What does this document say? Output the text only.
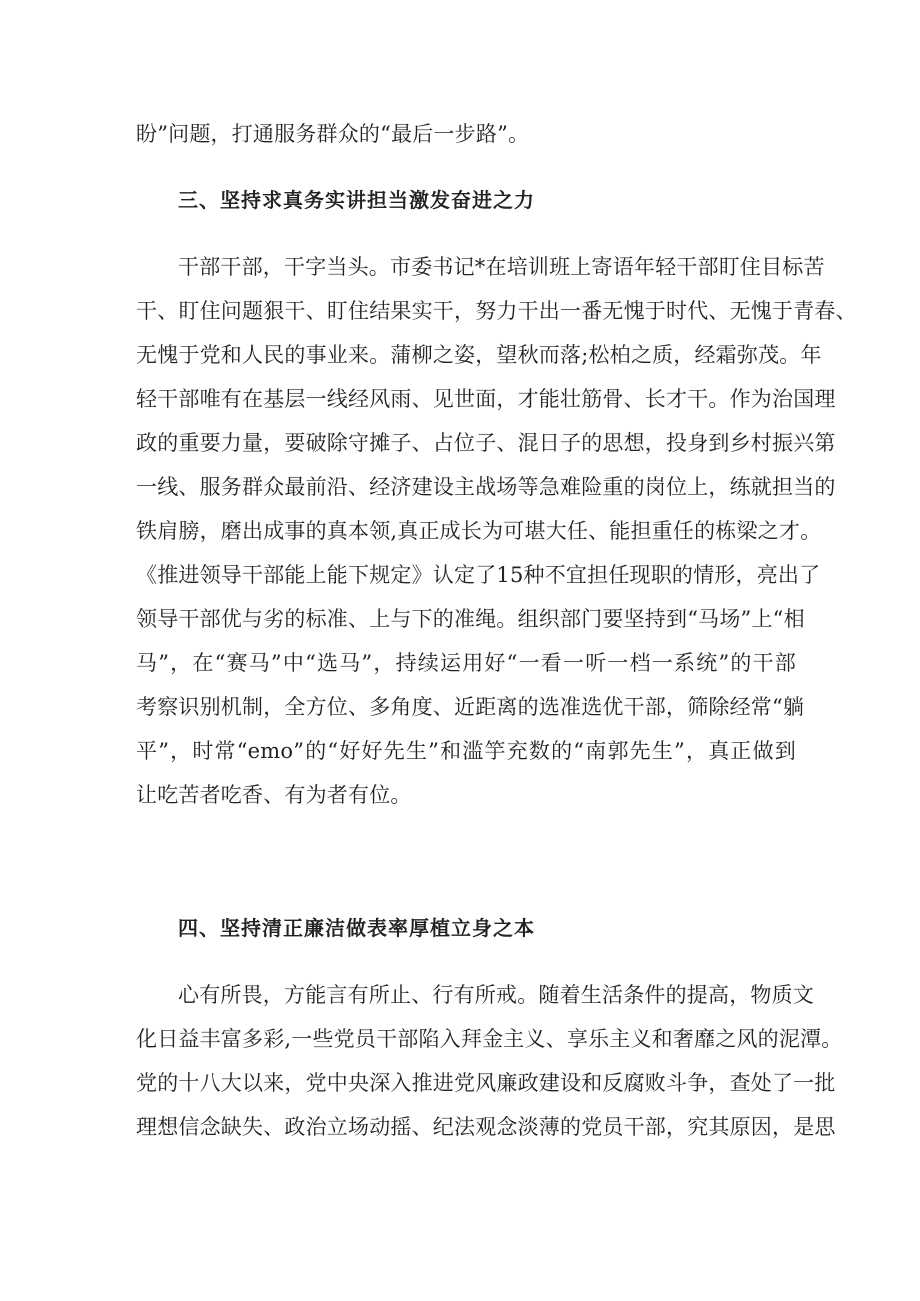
盼”问题，打通服务群众的“最后一步路”。
三、坚持求真务实讲担当激发奋进之力
干部干部，干字当头。市委书记*在培训班上寄语年轻干部盯住目标苦
干、盯住问题狠干、盯住结果实干，努力干出一番无愧于时代、无愧于青春、
无愧于党和人民的事业来。蒲柳之姿，望秋而落;松柏之质，经霜弥茂。年
轻干部唯有在基层一线经风雨、见世面，才能壮筋骨、长才干。作为治国理
政的重要力量，要破除守摊子、占位子、混日子的思想，投身到乡村振兴第
一线、服务群众最前沿、经济建设主战场等急难险重的岗位上，练就担当的
铁肩膀，磨出成事的真本领,真正成长为可堪大任、能担重任的栋梁之才。
《推进领导干部能上能下规定》认定了15种不宜担任现职的情形，亮出了
领导干部优与劣的标准、上与下的准绳。组织部门要坚持到“马场”上“相
马”，在“赛马”中“选马”，持续运用好“一看一听一档一系统”的干部
考察识别机制，全方位、多角度、近距离的选准选优干部，筛除经常“躺
平”，时常“emo”的“好好先生”和滥竽充数的“南郭先生”，真正做到
让吃苦者吃香、有为者有位。
四、坚持清正廉洁做表率厚植立身之本
心有所畏，方能言有所止、行有所戒。随着生活条件的提高，物质文
化日益丰富多彩,一些党员干部陷入拜金主义、享乐主义和奢靡之风的泥潭。
党的十八大以来，党中央深入推进党风廉政建设和反腐败斗争，查处了一批
理想信念缺失、政治立场动摇、纪法观念淡薄的党员干部，究其原因，是思
